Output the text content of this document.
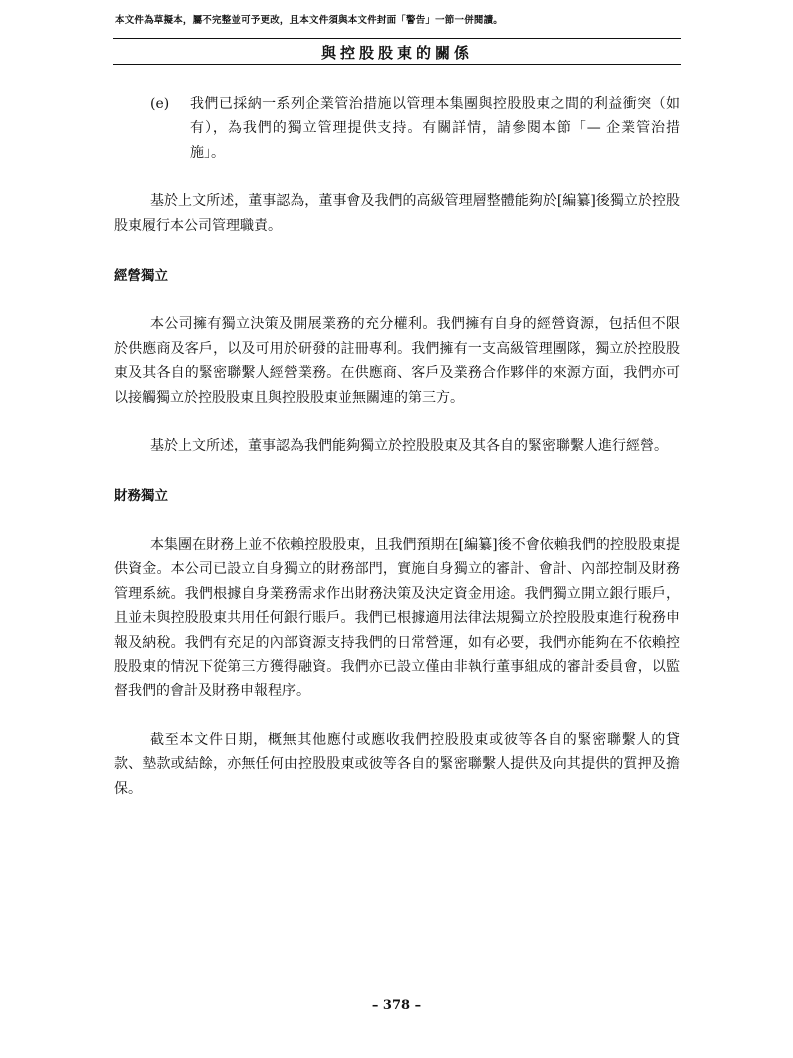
本文件為草擬本，屬不完整並可予更改，且本文件須與本文件封面「警告」一節一併閱讀。
與控股股東的關係
(e)	我們已採納一系列企業管治措施以管理本集團與控股股東之間的利益衝突（如有），為我們的獨立管理提供支持。有關詳情，請參閱本節「— 企業管治措施」。

基於上文所述，董事認為，董事會及我們的高級管理層整體能夠於[編纂]後獨立於控股股東履行本公司管理職責。

經營獨立

本公司擁有獨立決策及開展業務的充分權利。我們擁有自身的經營資源，包括但不限於供應商及客戶，以及可用於研發的註冊專利。我們擁有一支高級管理團隊，獨立於控股股東及其各自的緊密聯繫人經營業務。在供應商、客戶及業務合作夥伴的來源方面，我們亦可以接觸獨立於控股股東且與控股股東並無關連的第三方。

基於上文所述，董事認為我們能夠獨立於控股股東及其各自的緊密聯繫人進行經營。

財務獨立

本集團在財務上並不依賴控股股東，且我們預期在[編纂]後不會依賴我們的控股股東提供資金。本公司已設立自身獨立的財務部門，實施自身獨立的審計、會計、內部控制及財務管理系統。我們根據自身業務需求作出財務決策及決定資金用途。我們獨立開立銀行賬戶，且並未與控股股東共用任何銀行賬戶。我們已根據適用法律法規獨立於控股股東進行稅務申報及納稅。我們有充足的內部資源支持我們的日常營運，如有必要，我們亦能夠在不依賴控股股東的情況下從第三方獲得融資。我們亦已設立僅由非執行董事組成的審計委員會，以監督我們的會計及財務申報程序。

截至本文件日期，概無其他應付或應收我們控股股東或彼等各自的緊密聯繫人的貸款、墊款或結餘，亦無任何由控股股東或彼等各自的緊密聯繫人提供及向其提供的質押及擔保。

– 378 –
